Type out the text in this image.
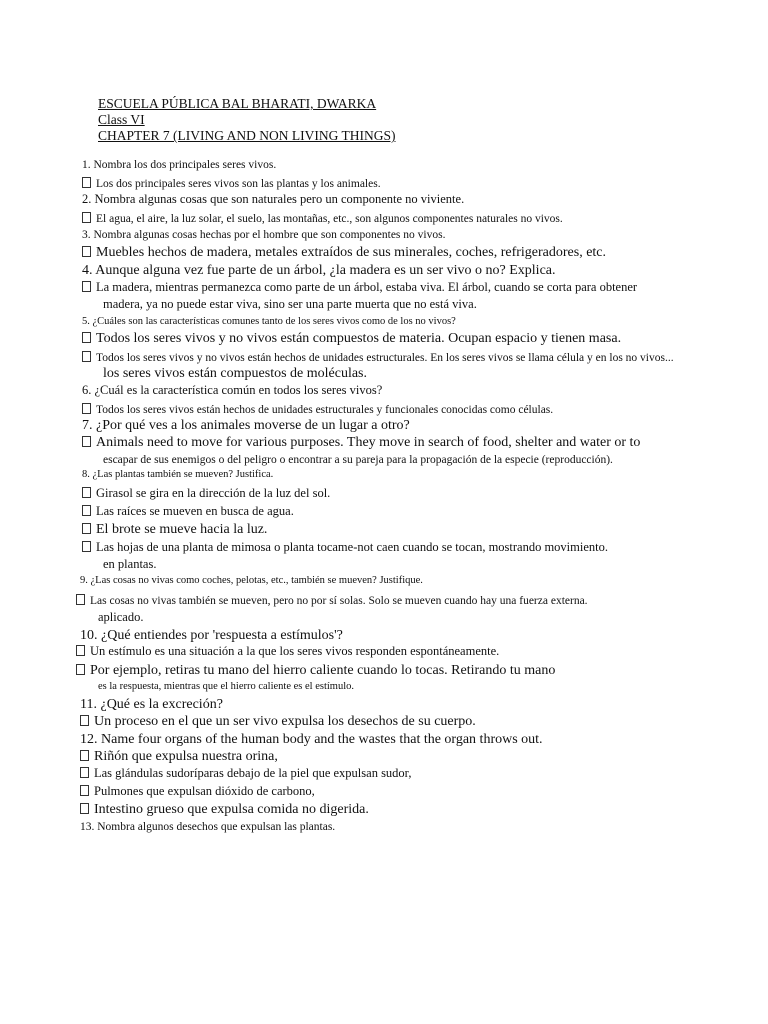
ESCUELA PÚBLICA BAL BHARATI, DWARKA
Class VI
CHAPTER 7 (LIVING AND NON LIVING THINGS)
1. Nombra los dos principales seres vivos.
Los dos principales seres vivos son las plantas y los animales.
2. Nombra algunas cosas que son naturales pero un componente no viviente.
El agua, el aire, la luz solar, el suelo, las montañas, etc., son algunos componentes naturales no vivos.
3. Nombra algunas cosas hechas por el hombre que son componentes no vivos.
Muebles hechos de madera, metales extraídos de sus minerales, coches, refrigeradores, etc.
4. Aunque alguna vez fue parte de un árbol, ¿la madera es un ser vivo o no? Explica.
La madera, mientras permanezca como parte de un árbol, estaba viva. El árbol, cuando se corta para obtener
madera, ya no puede estar viva, sino ser una parte muerta que no está viva.
5. ¿Cuáles son las características comunes tanto de los seres vivos como de los no vivos?
Todos los seres vivos y no vivos están compuestos de materia. Ocupan espacio y tienen masa.
Todos los seres vivos y no vivos están hechos de unidades estructurales. En los seres vivos se llama célula y en los no vivos...
los seres vivos están compuestos de moléculas.
6. ¿Cuál es la característica común en todos los seres vivos?
Todos los seres vivos están hechos de unidades estructurales y funcionales conocidas como células.
7. ¿Por qué ves a los animales moverse de un lugar a otro?
Animals need to move for various purposes. They move in search of food, shelter and water or to
escapar de sus enemigos o del peligro o encontrar a su pareja para la propagación de la especie (reproducción).
8. ¿Las plantas también se mueven? Justifica.
Girasol se gira en la dirección de la luz del sol.
Las raíces se mueven en busca de agua.
El brote se mueve hacia la luz.
Las hojas de una planta de mimosa o planta tocame-not caen cuando se tocan, mostrando movimiento.
en plantas.
9. ¿Las cosas no vivas como coches, pelotas, etc., también se mueven? Justifique.
Las cosas no vivas también se mueven, pero no por sí solas. Solo se mueven cuando hay una fuerza externa.
aplicado.
10. ¿Qué entiendes por 'respuesta a estímulos'?
Un estímulo es una situación a la que los seres vivos responden espontáneamente.
Por ejemplo, retiras tu mano del hierro caliente cuando lo tocas. Retirando tu mano
es la respuesta, mientras que el hierro caliente es el estímulo.
11. ¿Qué es la excreción?
Un proceso en el que un ser vivo expulsa los desechos de su cuerpo.
12. Name four organs of the human body and the wastes that the organ throws out.
Riñón que expulsa nuestra orina,
Las glándulas sudoríparas debajo de la piel que expulsan sudor,
Pulmones que expulsan dióxido de carbono,
Intestino grueso que expulsa comida no digerida.
13. Nombra algunos desechos que expulsan las plantas.
